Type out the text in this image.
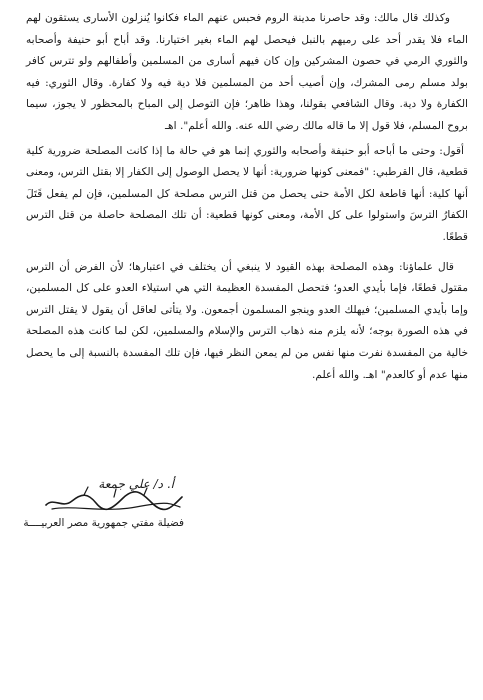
وكذلك قال مالك: وقد حاصرنا مدينة الروم فحبس عنهم الماء فكانوا يُنزلون الأسارى يستقون لهم الماء فلا يقدر أحد على رميهم بالنبل فيحصل لهم الماء بغير اختيارنا. وقد أباح أبو حنيفة وأصحابه والثوري الرمي في حصون المشركين وإن كان فيهم أسارى من المسلمين وأطفالهم ولو تترس كافر بولد مسلم رمى المشرك، وإن أصيب أحد من المسلمين فلا دية فيه ولا كفارة. وقال الثوري: فيه الكفارة ولا دية. وقال الشافعي بقولنا، وهذا ظاهر؛ فإن التوصل إلى المباح بالمحظور لا يجوز، سيما بروح المسلم، فلا قول إلا ما قاله مالك رضي الله عنه. والله أعلم". اهـ

أقول: وحتى ما أباحه أبو حنيفة وأصحابه والثوري إنما هو في حالة ما إذا كانت المصلحة ضرورية كلية قطعية، قال القرطبي: "فمعنى كونها ضرورية: أنها لا يحصل الوصول إلى الكفار إلا بقتل الترس، ومعنى أنها كلية: أنها قاطعة لكل الأمة حتى يحصل من قتل الترس مصلحة كل المسلمين، فإن لم يفعل قَتَلَ الكفارُ الترسَ واستولوا على كل الأمة، ومعنى كونها قطعية: أن تلك المصلحة حاصلة من قتل الترس قطعًا.

قال علماؤنا: وهذه المصلحة بهذه القيود لا ينبغي أن يختلف في اعتبارها؛ لأن الفرض أن الترس مقتول قطعًا، فإما بأيدي العدو؛ فتحصل المفسدة العظيمة التي هي استيلاء العدو على كل المسلمين، وإما بأيدي المسلمين؛ فيهلك العدو وينجو المسلمون أجمعون. ولا يتأتى لعاقل أن يقول لا يقتل الترس في هذه الصورة بوجه؛ لأنه يلزم منه ذهاب الترس والإسلام والمسلمين، لكن لما كانت هذه المصلحة خالية من المفسدة نفرت منها نفس من لم يمعن النظر فيها، فإن تلك المفسدة بالنسبة إلى ما يحصل منها عدم أو كالعدم" اهـ. والله أعلم.

أ. د/ علي جمعة
فضيلة مفتي جمهورية مصر العربيــــة
